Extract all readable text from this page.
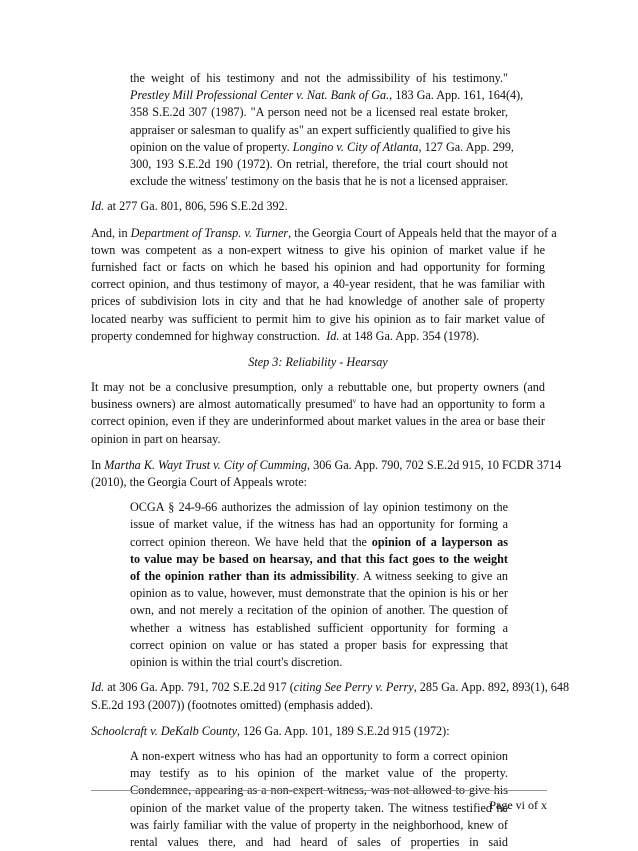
the weight of his testimony and not the admissibility of his testimony."
Prestley Mill Professional Center v. Nat. Bank of Ga., 183 Ga. App. 161, 164(4),
358 S.E.2d 307 (1987). "A person need not be a licensed real estate broker,
appraiser or salesman to qualify as" an expert sufficiently qualified to give his
opinion on the value of property. Longino v. City of Atlanta, 127 Ga. App. 299,
300, 193 S.E.2d 190 (1972). On retrial, therefore, the trial court should not
exclude the witness' testimony on the basis that he is not a licensed appraiser.
Id. at 277 Ga. 801, 806, 596 S.E.2d 392.
And, in Department of Transp. v. Turner, the Georgia Court of Appeals held that the mayor of a
town was competent as a non-expert witness to give his opinion of market value if he
furnished fact or facts on which he based his opinion and had opportunity for forming
correct opinion, and thus testimony of mayor, a 40-year resident, that he was familiar with
prices of subdivision lots in city and that he had knowledge of another sale of property
located nearby was sufficient to permit him to give his opinion as to fair market value of
property condemned for highway construction.  Id. at 148 Ga. App. 354 (1978).
Step 3: Reliability - Hearsay
It may not be a conclusive presumption, only a rebuttable one, but property owners (and
business owners) are almost automatically presumed$^v$ to have had an opportunity to form a
correct opinion, even if they are underinformed about market values in the area or base their
opinion in part on hearsay.
In Martha K. Wayt Trust v. City of Cumming, 306 Ga. App. 790, 702 S.E.2d 915, 10 FCDR 3714
(2010), the Georgia Court of Appeals wrote:
OCGA § 24-9-66 authorizes the admission of lay opinion testimony on the
issue of market value, if the witness has had an opportunity for forming a
correct opinion thereon. We have held that the opinion of a layperson as
to value may be based on hearsay, and that this fact goes to the weight
of the opinion rather than its admissibility. A witness seeking to give an
opinion as to value, however, must demonstrate that the opinion is his or her
own, and not merely a recitation of the opinion of another. The question of
whether a witness has established sufficient opportunity for forming a
correct opinion on value or has stated a proper basis for expressing that
opinion is within the trial court's discretion.
Id. at 306 Ga. App. 791, 702 S.E.2d 917 (citing See Perry v. Perry, 285 Ga. App. 892, 893(1), 648
S.E.2d 193 (2007)) (footnotes omitted) (emphasis added).
Schoolcraft v. DeKalb County, 126 Ga. App. 101, 189 S.E.2d 915 (1972):
A non-expert witness who has had an opportunity to form a correct opinion
may testify as to his opinion of the market value of the property.
Condemnee, appearing as a non-expert witness, was not allowed to give his
opinion of the market value of the property taken. The witness testified he
was fairly familiar with the value of property in the neighborhood, knew of
rental values there, and had heard of sales of properties in said
Page vi of x
